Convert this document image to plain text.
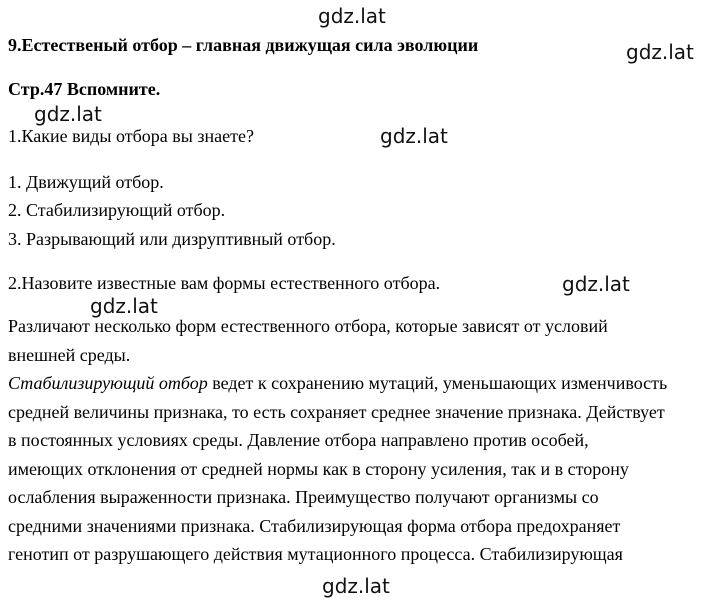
gdz.lat
gdz.lat
gdz.lat
gdz.lat
gdz.lat
gdz.lat
gdz.lat
9.Естественый отбор – главная движущая сила эволюции
Стр.47 Вспомните.
1.Какие виды отбора вы знаете?
1. Движущий отбор.
2. Стабилизирующий отбор.
3. Разрывающий или дизруптивный отбор.
2.Назовите известные вам формы естественного отбора.
Различают несколько форм естественного отбора, которые зависят от условий
внешней среды.
Стабилизирующий отбор ведет к сохранению мутаций, уменьшающих изменчивость
средней величины признака, то есть сохраняет среднее значение признака. Действует
в постоянных условиях среды. Давление отбора направлено против особей,
имеющих отклонения от средней нормы как в сторону усиления, так и в сторону
ослабления выраженности признака. Преимущество получают организмы со
средними значениями признака. Стабилизирующая форма отбора предохраняет
генотип от разрушающего действия мутационного процесса. Стабилизирующая
